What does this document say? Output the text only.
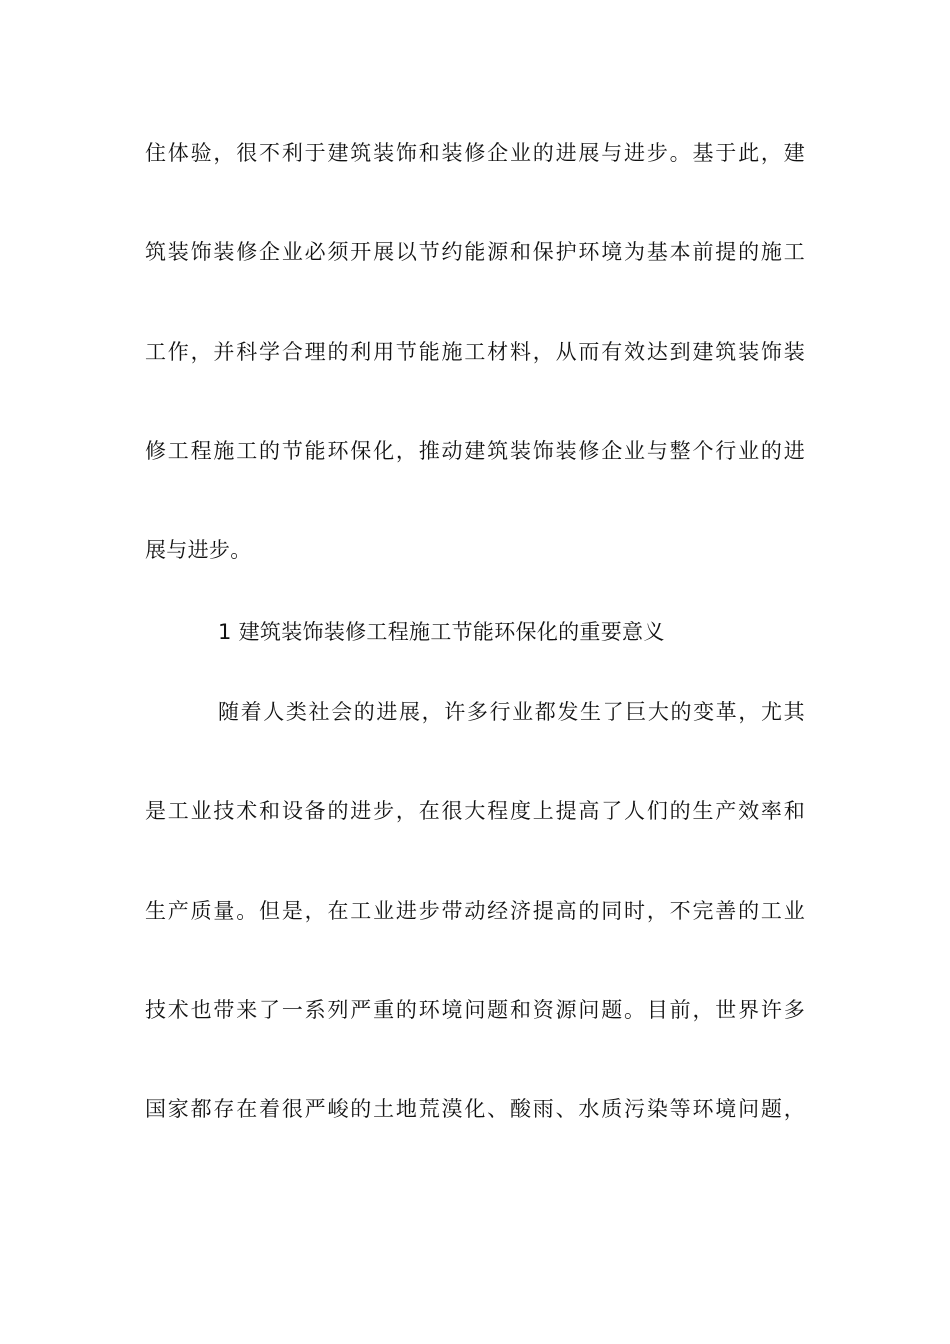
住体验，很不利于建筑装饰和装修企业的进展与进步。基于此，建
筑装饰装修企业必须开展以节约能源和保护环境为基本前提的施工
工作，并科学合理的利用节能施工材料，从而有效达到建筑装饰装
修工程施工的节能环保化，推动建筑装饰装修企业与整个行业的进
展与进步。
1 建筑装饰装修工程施工节能环保化的重要意义
随着人类社会的进展，许多行业都发生了巨大的变革，尤其
是工业技术和设备的进步，在很大程度上提高了人们的生产效率和
生产质量。但是，在工业进步带动经济提高的同时，不完善的工业
技术也带来了一系列严重的环境问题和资源问题。目前，世界许多
国家都存在着很严峻的土地荒漠化、酸雨、水质污染等环境问题，
